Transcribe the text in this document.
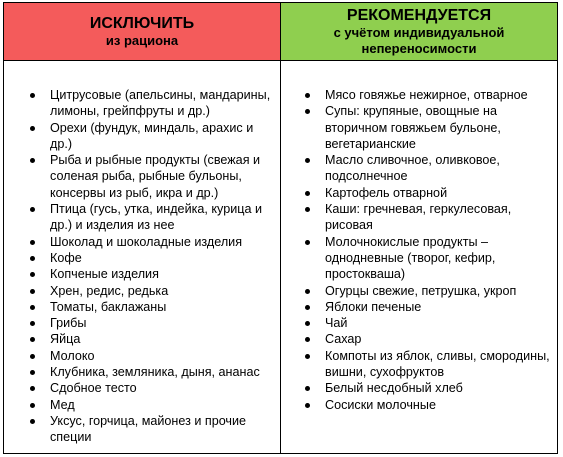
ИСКЛЮЧИТЬ
из рациона
РЕКОМЕНДУЕТСЯ
с учётом индивидуальной непереносимости
Цитрусовые (апельсины, мандарины, лимоны, грейпфруты и др.)
Орехи (фундук, миндаль, арахис и др.)
Рыба и рыбные продукты (свежая и соленая рыба, рыбные бульоны, консервы из рыб, икра и др.)
Птица (гусь, утка, индейка, курица и др.) и изделия из нее
Шоколад и шоколадные изделия
Кофе
Копченые изделия
Хрен, редис, редька
Томаты, баклажаны
Грибы
Яйца
Молоко
Клубника, земляника, дыня, ананас
Сдобное тесто
Мед
Уксус, горчица, майонез и прочие специи
Мясо говяжье нежирное, отварное
Супы: крупяные, овощные на вторичном говяжьем бульоне, вегетарианские
Масло сливочное, оливковое, подсолнечное
Картофель отварной
Каши: гречневая, геркулесовая, рисовая
Молочнокислые продукты – однодневные (творог, кефир, простокваша)
Огурцы свежие, петрушка, укроп
Яблоки печеные
Чай
Сахар
Компоты из яблок, сливы, смородины, вишни, сухофруктов
Белый несдобный хлеб
Сосиски молочные
